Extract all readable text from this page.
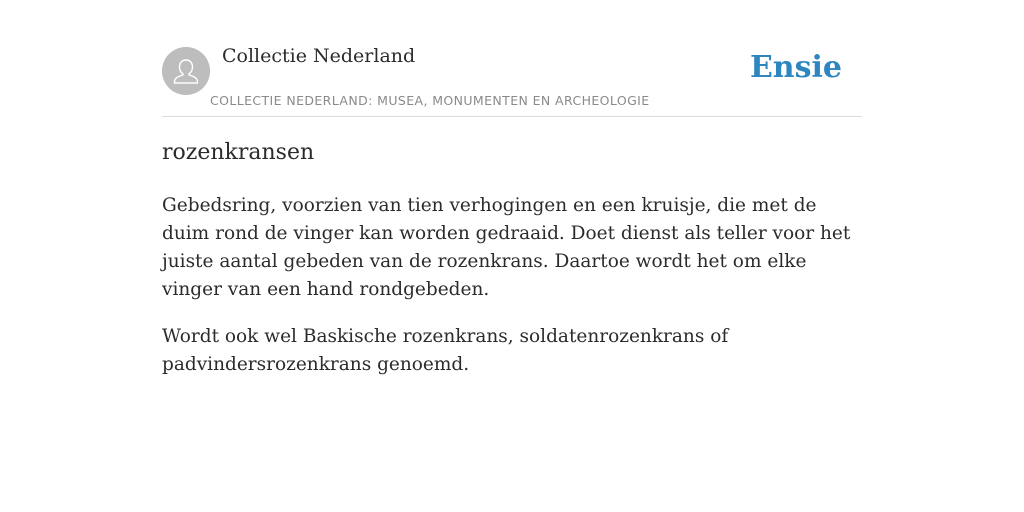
Collectie Nederland
COLLECTIE NEDERLAND: MUSEA, MONUMENTEN EN ARCHEOLOGIE
Ensie
rozenkransen

Gebedsring, voorzien van tien verhogingen en een kruisje, die met de duim rond de vinger kan worden gedraaid. Doet dienst als teller voor het juiste aantal gebeden van de rozenkrans. Daartoe wordt het om elke vinger van een hand rondgebeden.

Wordt ook wel Baskische rozenkrans, soldatenrozenkrans of padvindersrozenkrans genoemd.
